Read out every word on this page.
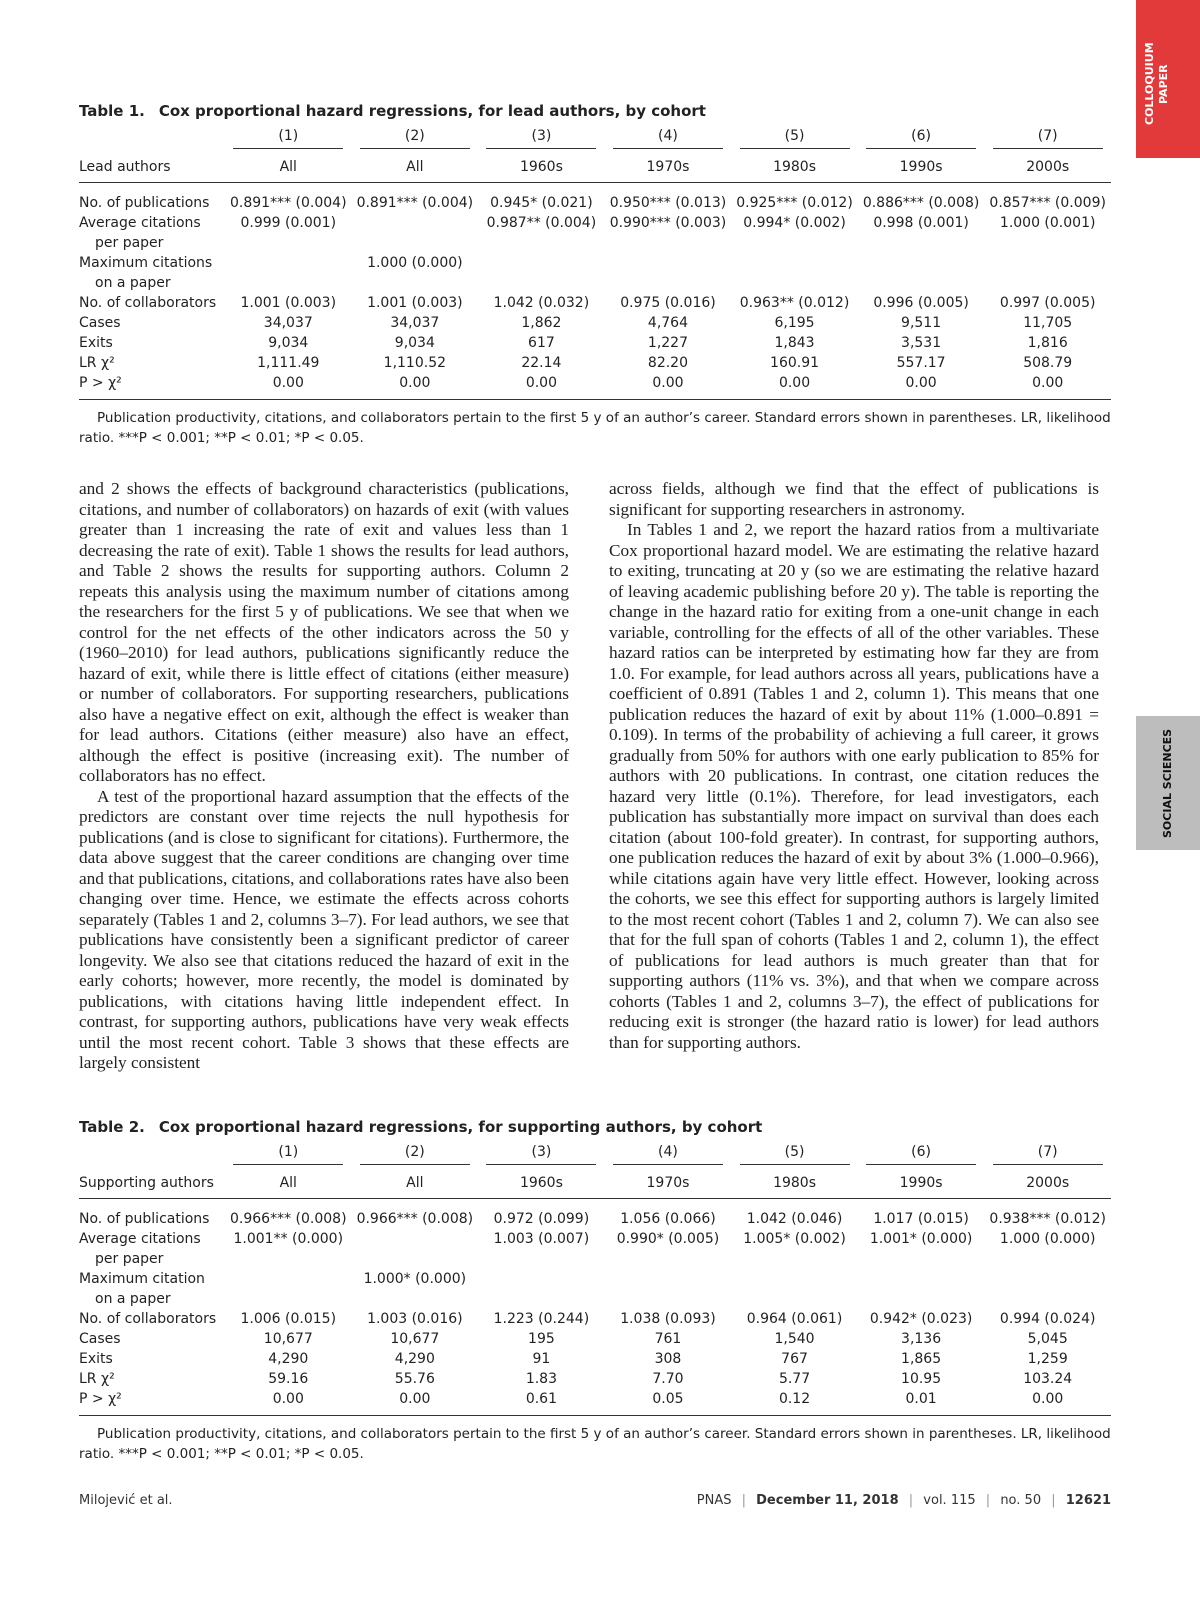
COLLOQUIUM PAPER
SOCIAL SCIENCES
Table 1. Cox proportional hazard regressions, for lead authors, by cohort
	(1)	(2)	(3)	(4)	(5)	(6)	(7)
Lead authors	All	All	1960s	1970s	1980s	1990s	2000s

No. of publications	0.891*** (0.004)	0.891*** (0.004)	0.945* (0.021)	0.950*** (0.013)	0.925*** (0.012)	0.886*** (0.008)	0.857*** (0.009)
Average citations	0.999 (0.001)		0.987** (0.004)	0.990*** (0.003)	0.994* (0.002)	0.998 (0.001)	1.000 (0.001)
per paper							
Maximum citations		1.000 (0.000)					
on a paper							
No. of collaborators	1.001 (0.003)	1.001 (0.003)	1.042 (0.032)	0.975 (0.016)	0.963** (0.012)	0.996 (0.005)	0.997 (0.005)
Cases	34,037	34,037	1,862	4,764	6,195	9,511	11,705
Exits	9,034	9,034	617	1,227	1,843	3,531	1,816
LR χ²	1,111.49	1,110.52	22.14	82.20	160.91	557.17	508.79
P > χ²	0.00	0.00	0.00	0.00	0.00	0.00	0.00

Publication productivity, citations, and collaborators pertain to the first 5 y of an author’s career. Standard errors shown in parentheses. LR, likelihood ratio. ***P < 0.001; **P < 0.01; *P < 0.05.

and 2 shows the effects of background characteristics (publications, citations, and number of collaborators) on hazards of exit (with values greater than 1 increasing the rate of exit and values less than 1 decreasing the rate of exit). Table 1 shows the results for lead authors, and Table 2 shows the results for supporting authors. Column 2 repeats this analysis using the maximum number of citations among the researchers for the first 5 y of publications. We see that when we control for the net effects of the other indicators across the 50 y (1960–2010) for lead authors, publications significantly reduce the hazard of exit, while there is little effect of citations (either measure) or number of collaborators. For supporting researchers, publications also have a negative effect on exit, although the effect is weaker than for lead authors. Citations (either measure) also have an effect, although the effect is positive (increasing exit). The number of collaborators has no effect.

A test of the proportional hazard assumption that the effects of the predictors are constant over time rejects the null hypothesis for publications (and is close to significant for citations). Furthermore, the data above suggest that the career conditions are changing over time and that publications, citations, and collaborations rates have also been changing over time. Hence, we estimate the effects across cohorts separately (Tables 1 and 2, columns 3–7). For lead authors, we see that publications have consistently been a significant predictor of career longevity. We also see that citations reduced the hazard of exit in the early cohorts; however, more recently, the model is dominated by publications, with citations having little independent effect. In contrast, for supporting authors, publications have very weak effects until the most recent cohort. Table 3 shows that these effects are largely consistent

across fields, although we find that the effect of publications is significant for supporting researchers in astronomy.

In Tables 1 and 2, we report the hazard ratios from a multivariate Cox proportional hazard model. We are estimating the relative hazard to exiting, truncating at 20 y (so we are estimating the relative hazard of leaving academic publishing before 20 y). The table is reporting the change in the hazard ratio for exiting from a one-unit change in each variable, controlling for the effects of all of the other variables. These hazard ratios can be interpreted by estimating how far they are from 1.0. For example, for lead authors across all years, publications have a coefficient of 0.891 (Tables 1 and 2, column 1). This means that one publication reduces the hazard of exit by about 11% (1.000–0.891 = 0.109). In terms of the probability of achieving a full career, it grows gradually from 50% for authors with one early publication to 85% for authors with 20 publications. In contrast, one citation reduces the hazard very little (0.1%). Therefore, for lead investigators, each publication has substantially more impact on survival than does each citation (about 100-fold greater). In contrast, for supporting authors, one publication reduces the hazard of exit by about 3% (1.000–0.966), while citations again have very little effect. However, looking across the cohorts, we see this effect for supporting authors is largely limited to the most recent cohort (Tables 1 and 2, column 7). We can also see that for the full span of cohorts (Tables 1 and 2, column 1), the effect of publications for lead authors is much greater than that for supporting authors (11% vs. 3%), and that when we compare across cohorts (Tables 1 and 2, columns 3–7), the effect of publications for reducing exit is stronger (the hazard ratio is lower) for lead authors than for supporting authors.

Table 2. Cox proportional hazard regressions, for supporting authors, by cohort
	(1)	(2)	(3)	(4)	(5)	(6)	(7)
Supporting authors	All	All	1960s	1970s	1980s	1990s	2000s

No. of publications	0.966*** (0.008)	0.966*** (0.008)	0.972 (0.099)	1.056 (0.066)	1.042 (0.046)	1.017 (0.015)	0.938*** (0.012)
Average citations	1.001** (0.000)		1.003 (0.007)	0.990* (0.005)	1.005* (0.002)	1.001* (0.000)	1.000 (0.000)
per paper							
Maximum citation		1.000* (0.000)					
on a paper							
No. of collaborators	1.006 (0.015)	1.003 (0.016)	1.223 (0.244)	1.038 (0.093)	0.964 (0.061)	0.942* (0.023)	0.994 (0.024)
Cases	10,677	10,677	195	761	1,540	3,136	5,045
Exits	4,290	4,290	91	308	767	1,865	1,259
LR χ²	59.16	55.76	1.83	7.70	5.77	10.95	103.24
P > χ²	0.00	0.00	0.61	0.05	0.12	0.01	0.00

Publication productivity, citations, and collaborators pertain to the first 5 y of an author’s career. Standard errors shown in parentheses. LR, likelihood ratio. ***P < 0.001; **P < 0.01; *P < 0.05.
Milojević et al.	PNAS | December 11, 2018 | vol. 115 | no. 50 | 12621
